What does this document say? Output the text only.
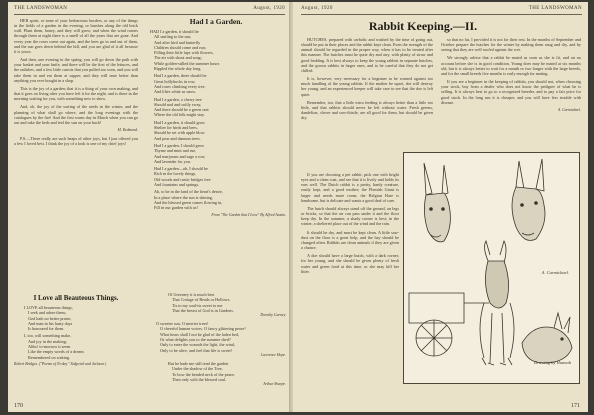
THE LANDSWOMAN	August, 1920

HER spirit, or none of your herbaceous borders, or any of the things in the fields of a garden in the evening, or brushes along the old brick wall. Plant them, honey, and they will grow; and when the wind comes through them at night there is a smell of all the years that are gone. And every year the roses come out again, and the bees go in and out of them, and the sun goes down behind the hill, and you are glad of it all because it is yours.

And then, one evening in the spring, you will go down the path with your basket and your knife, and there will be the first of the lettuces, and the radishes, and a few little carrots that you pulled too soon, and you will take them in and eat them at supper, and they will taste better than anything you ever bought in a shop.

This is the joy of a garden; that it is a thing of your own making, and that it goes on living after you have left it for the night, and is there in the morning waiting for you, with something new to show.

And, oh, the joy of the sorting of the seeds in the winter, and the planning of what shall go where, and the long evenings with the catalogues by the fire! And the first warm day in March when you can go out and rake the beds and feel the sun on your back!

M. Redmond.

P.S.—There really are such heaps of other joys, but I just offered you a few I loved best. I think the joy of a look is one of my chief joys!

I Love all Beauteous Things.
I LOVE all beauteous things,
I seek and adore them;
God hath no better praise,
And man in his hasty days
Is honoured for them.
I, too, will something make,
And joy in the making;
Altho' to-morrow it seem
Like the empty words of a dream
Remembered on waking.
Robert Bridges. ("Poems of To-day." Sidgwick and Jackson.)
Had I a Garden.
HAD I a garden, it should lie
All smiling to the sun,
And after bird and butterfly
Children should come and run;
Filling their little laps with flowers,
The air with shout and song;
While golden-stilled the summer hours
Rippled the whole day long.
Had I a garden, there should be
Great hollyhocks in row,
And roses climbing every tree,
And lilies white as snow.
Had I a garden, a cherry tree
Should nod and softly sway,
And there should be a green seat
Where the old folk might stay.
Had I a garden, it should grow
Shelter for birds and bees,
Should be set with apple blow
And pear and damson trees.
Had I a garden, I should grow
Thyme and mint and rue,
And marjoram and sage a row,
And lavender for you.
Had I a garden—oh, I should be
Rich in the lovely things,
Old woods and rustic bridges free
And fountains and springs.
Ah, to be in the land of the heart's desire,
In a place where the sun is shining,
And the blessed green comes flowing in,
Fill in our garden with us!
From "The Garden that I Love" By Alfred Austin.
Of Greenery it is much best
That Cottage of Beads or Hollows.
Tis to my soul-tis sweet to me
That the breast of God is in Gardens.
Dorothy Gurney.
O sweeter sun, O merrier trees!
O cheerful human voices, O fancy glittering peace!
What hears shall I not be glad of the laden bed,
Or what delights you to the summer shed?
Only to enter the wounds the light, the wind,
Only to be alive, and feel that life is sweet!
Lawrence Hope.
But he bade me still tend the garden
Under the shadow of the Tree,
To bow the bended neck of the peace,
Then only with the blessed soul.
Arthur Sharpe.
170
August, 1920	THE LANDSWOMAN
Rabbit Keeping.—II.

HUTCHES, prepared with carbolic and washed by the time of going out, should be put in their places and the rabbit kept clean. Even the strength of the animal should be regarded in the proper way, when it has to be treated after this manner. The hutches must be quite dry and airy, with plenty of straw and good bedding. It is best always to keep the young rabbits in separate hutches, and the grown rabbits in larger ones, and to be careful that they do not get chilled.

It is, however, very necessary for a beginner to be warned against too much handling of the young rabbits. If the mother be upset, she will destroy her young, and an experienced keeper will take care to see that the doe is left quiet.

Remember, too, that a little extra feeding is always better than a little too little, and that rabbits should never be left without water. Fresh greens, dandelion, clover and sow-thistle, are all good for them, but should be given dry.

so that no fat, I provided it is not for their rest. In the months of September and October prepare the hutches for the winter by making them snug and dry, and by seeing that they are well roofed against the wet.

We strongly advise that a rabbit be mated as soon as she is fit, and on no account before she is in good condition. Young does may be mated at six months old, but it is always better to wait for a month or two longer with the large breeds, and for the small breeds five months is early enough for mating.

If you are a beginner in the keeping of rabbits, you should not, when choosing your stock, buy from a dealer who does not know the pedigree of what he is selling. It is always best to go to a recognised breeder, and to pay a fair price for good stock. In the long run it is cheaper, and you will have less trouble with disease.

A. Carmichael.

If you are choosing a pet rabbit, pick one with bright eyes and a clean coat, and see that it is lively and holds its ears well. The Dutch rabbit is a pretty, hardy creature, easily kept, and a good mother; the Flemish Giant is larger and needs more room; the Belgian Hare is handsome, but is delicate and wants a good deal of care.

The hutch should always stand off the ground, on legs or bricks, so that the air can pass under it and the floor keep dry. In the summer, a shady corner is best; in the winter, a sheltered place out of the wind and the rain.

It should be dry, and must be kept clean. A little saw-dust on the floor is a great help, and the hay should be changed often. Rabbits are clean animals if they are given a chance.

A doe should have a large hutch, with a dark corner, for her young, and she should be given plenty of fresh water and green food at this time, or she may kill her litter.	A. Carmichael.
Drawing by Hannah
171
